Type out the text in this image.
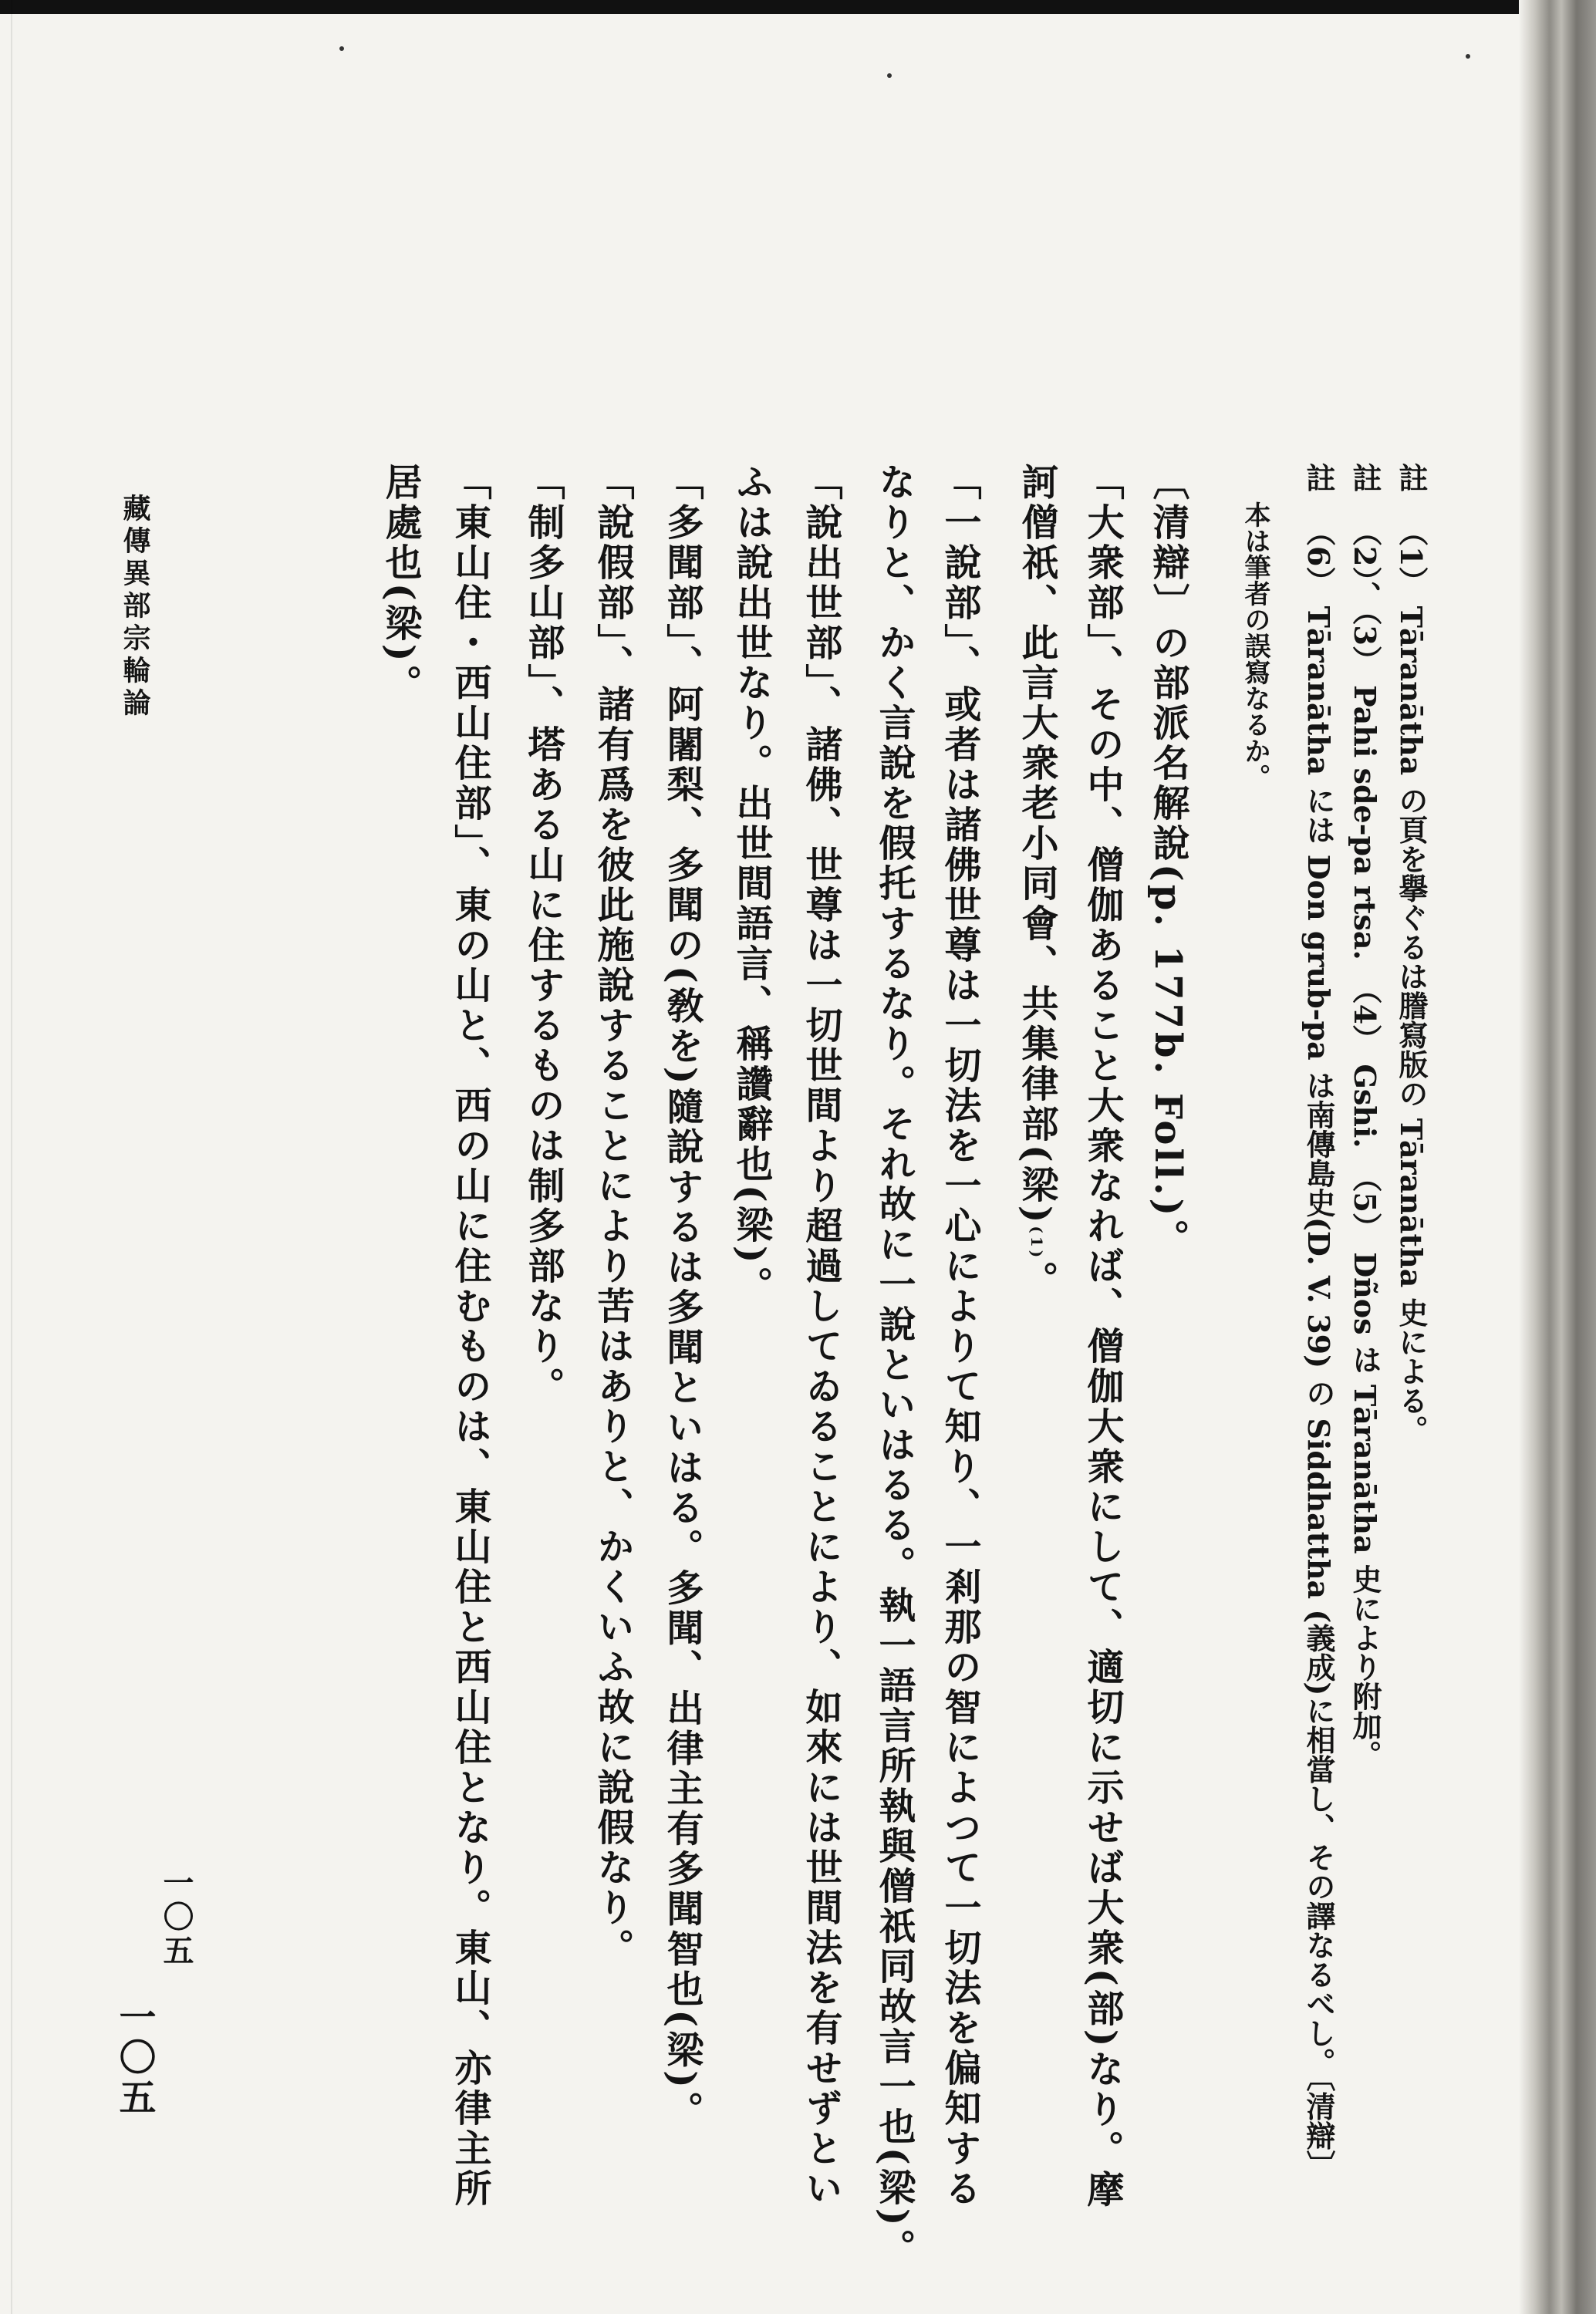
註（1） Tāranātha の頁を擧ぐるは謄寫版の Tāranātha 史による。
註（2）、（3） Pahi sde-pa rtsa.　（4） Gshi.　（5） Dños は Tāranātha 史により附加。
註（6） Tāranātha には Don grub-pa は南傳島史(D. V. 39) の Siddhattha (義成)に相當し、その譯なるべし。〔清辯〕
本は筆者の誤寫なるか。
〔清辯〕の部派名解說(p. 177b. Foll.)。
「大衆部」、その中、僧伽あること大衆なれば、僧伽大衆にして、適切に示せば大衆(部)なり。摩
訶僧祇、此言大衆老小同會、共集律部(梁)(1)。
「一說部」、或者は諸佛世尊は一切法を一心によりて知り、一剎那の智によつて一切法を偏知する
なりと、かく言說を假托するなり。それ故に一說といはるる。執一語言所執與僧祇同故言一也(梁)。
「說出世部」、諸佛、世尊は一切世間より超過してゐることにより、如來には世間法を有せずとい
ふは說出世なり。出世間語言、稱讚辭也(梁)。
「多聞部」、阿闍梨、多聞の(敎を)隨說するは多聞といはる。多聞、出律主有多聞智也(梁)。
「說假部」、諸有爲を彼此施說することにより苦はありと、かくいふ故に說假なり。
「制多山部」、塔ある山に住するものは制多部なり。
「東山住・西山住部」、東の山と、西の山に住むものは、東山住と西山住となり。東山、亦律主所
居處也(梁)。
藏傳異部宗輪論
一〇五
一〇五
